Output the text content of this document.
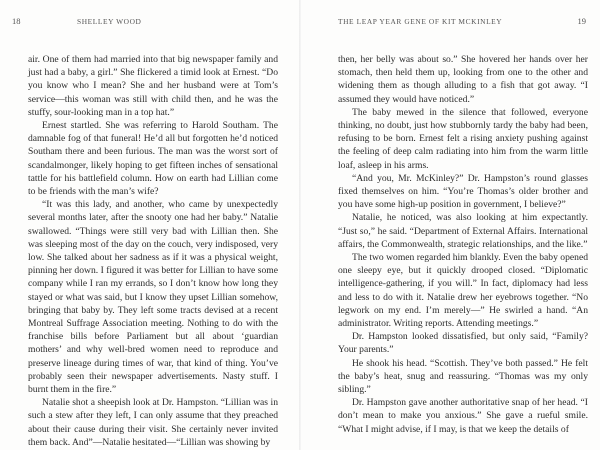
18	SHELLEY WOOD

air. One of them had married into that big newspaper family and just had a baby, a girl.” She flickered a timid look at Ernest. “Do you know who I mean? She and her husband were at Tom’s service—this woman was still with child then, and he was the stuffy, sour-looking man in a top hat.”

Ernest startled. She was referring to Harold Southam. The damnable fog of that funeral! He’d all but forgotten he’d noticed Southam there and been furious. The man was the worst sort of scandalmonger, likely hoping to get fifteen inches of sensational tattle for his battlefield column. How on earth had Lillian come to be friends with the man’s wife?

“It was this lady, and another, who came by unexpectedly several months later, after the snooty one had her baby.” Natalie swallowed. “Things were still very bad with Lillian then. She was sleeping most of the day on the couch, very indisposed, very low. She talked about her sadness as if it was a physical weight, pinning her down. I figured it was better for Lillian to have some company while I ran my errands, so I don’t know how long they stayed or what was said, but I know they upset Lillian somehow, bringing that baby by. They left some tracts devised at a recent Montreal Suffrage Association meeting. Nothing to do with the franchise bills before Parliament but all about ‘guardian mothers’ and why well-bred women need to reproduce and preserve lineage during times of war, that kind of thing. You’ve probably seen their newspaper advertisements. Nasty stuff. I burnt them in the fire.”

Natalie shot a sheepish look at Dr. Hampston. “Lillian was in such a stew after they left, I can only assume that they preached about their cause during their visit. She certainly never invited them back. And”—Natalie hesitated—“Lillian was showing by

THE LEAP YEAR GENE OF KIT MCKINLEY	19

then, her belly was about so.” She hovered her hands over her stomach, then held them up, looking from one to the other and widening them as though alluding to a fish that got away. “I assumed they would have noticed.”

The baby mewed in the silence that followed, everyone thinking, no doubt, just how stubbornly tardy the baby had been, refusing to be born. Ernest felt a rising anxiety pushing against the feeling of deep calm radiating into him from the warm little loaf, asleep in his arms.

“And you, Mr. McKinley?” Dr. Hampston’s round glasses fixed themselves on him. “You’re Thomas’s older brother and you have some high-up position in government, I believe?”

Natalie, he noticed, was also looking at him expectantly. “Just so,” he said. “Department of External Affairs. International affairs, the Commonwealth, strategic relationships, and the like.”

The two women regarded him blankly. Even the baby opened one sleepy eye, but it quickly drooped closed. “Diplomatic intelligence-gathering, if you will.” In fact, diplomacy had less and less to do with it. Natalie drew her eyebrows together. “No legwork on my end. I’m merely—” He swirled a hand. “An administrator. Writing reports. Attending meetings.”

Dr. Hampston looked dissatisfied, but only said, “Family? Your parents.”

He shook his head. “Scottish. They’ve both passed.” He felt the baby’s heat, snug and reassuring. “Thomas was my only sibling.”

Dr. Hampston gave another authoritative snap of her head. “I don’t mean to make you anxious.” She gave a rueful smile. “What I might advise, if I may, is that we keep the details of
